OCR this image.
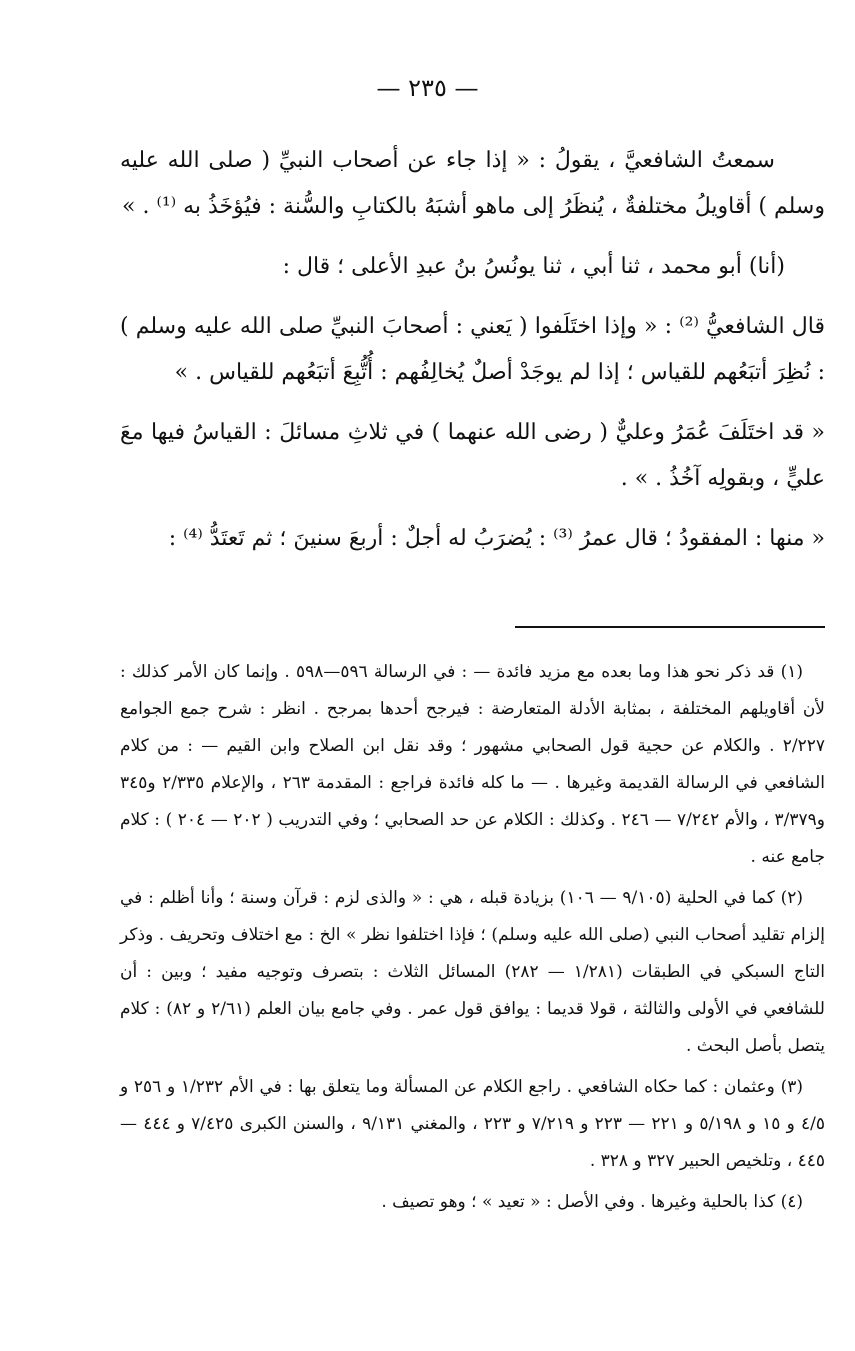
— ٢٣٥ —

سمعتُ الشافعيَّ ، يقولُ : « إذا جاء عن أصحاب النبيِّ ( صلى الله عليه وسلم ) أقاويلُ مختلفةٌ ، يُنظَرُ إلى ماهو أشبَهُ بالكتابِ والسُّنة : فيُؤخَذُ به ⁽¹⁾ . »

(أنا) أبو محمد ، ثنا أبي ، ثنا يونُسُ بنُ عبدِ الأعلى ؛ قال :

قال الشافعيُّ ⁽²⁾ : « وإذا اختَلَفوا ( يَعني : أصحابَ النبيِّ صلى الله عليه وسلم ) : نُظِرَ أتبَعُهم للقياس ؛ إذا لم يوجَدْ أصلٌ يُخالِفُهم : أُتُّبِعَ أتبَعُهم للقياس . »

« قد اختَلَفَ عُمَرُ وعليٌّ ( رضى الله عنهما ) في ثلاثِ مسائلَ : القياسُ فيها معَ عليٍّ ، وبقولِه آخُذُ . » .

« منها : المفقودُ ؛ قال عمرُ ⁽³⁾ : يُضرَبُ له أجلٌ : أربعَ سنينَ ؛ ثم تَعتَدُّ ⁽⁴⁾ :

(١) قد ذكر نحو هذا وما بعده مع مزيد فائدة — : في الرسالة ٥٩٦—٥٩٨ . وإنما كان الأمر كذلك : لأن أقاويلهم المختلفة ، بمثابة الأدلة المتعارضة : فيرجح أحدها بمرجح . انظر : شرح جمع الجوامع ٢/٢٢٧ . والكلام عن حجية قول الصحابي مشهور ؛ وقد نقل ابن الصلاح وابن القيم — : من كلام الشافعي في الرسالة القديمة وغيرها . — ما كله فائدة فراجع : المقدمة ٢٦٣ ، والإعلام ٢/٣٣٥ و٣٤٥ و٣/٣٧٩ ، والأم ٧/٢٤٢ — ٢٤٦ . وكذلك : الكلام عن حد الصحابي ؛ وفي التدريب ( ٢٠٢ — ٢٠٤ ) : كلام جامع عنه .

(٢) كما في الحلية (٩/١٠٥ — ١٠٦) بزيادة قبله ، هي : « والذى لزم : قرآن وسنة ؛ وأنا أظلم : في إلزام تقليد أصحاب النبي (صلى الله عليه وسلم) ؛ فإذا اختلفوا نظر » الخ : مع اختلاف وتحريف . وذكر التاج السبكي في الطبقات (١/٢٨١ — ٢٨٢) المسائل الثلاث : بتصرف وتوجيه مفيد ؛ وبين : أن للشافعي في الأولى والثالثة ، قولا قديما : يوافق قول عمر . وفي جامع بيان العلم (٢/٦١ و ٨٢) : كلام يتصل بأصل البحث .

(٣) وعثمان : كما حكاه الشافعي . راجع الكلام عن المسألة وما يتعلق بها : في الأم ١/٢٣٢ و ٢٥٦ و ٤/٥ و ١٥ و ٥/١٩٨ و ٢٢١ — ٢٢٣ و ٧/٢١٩ و ٢٢٣ ، والمغني ٩/١٣١ ، والسنن الكبرى ٧/٤٢٥ و ٤٤٤ — ٤٤٥ ، وتلخيص الحبير ٣٢٧ و ٣٢٨ .

(٤) كذا بالحلية وغيرها . وفي الأصل : « تعيد » ؛ وهو تصيف .
